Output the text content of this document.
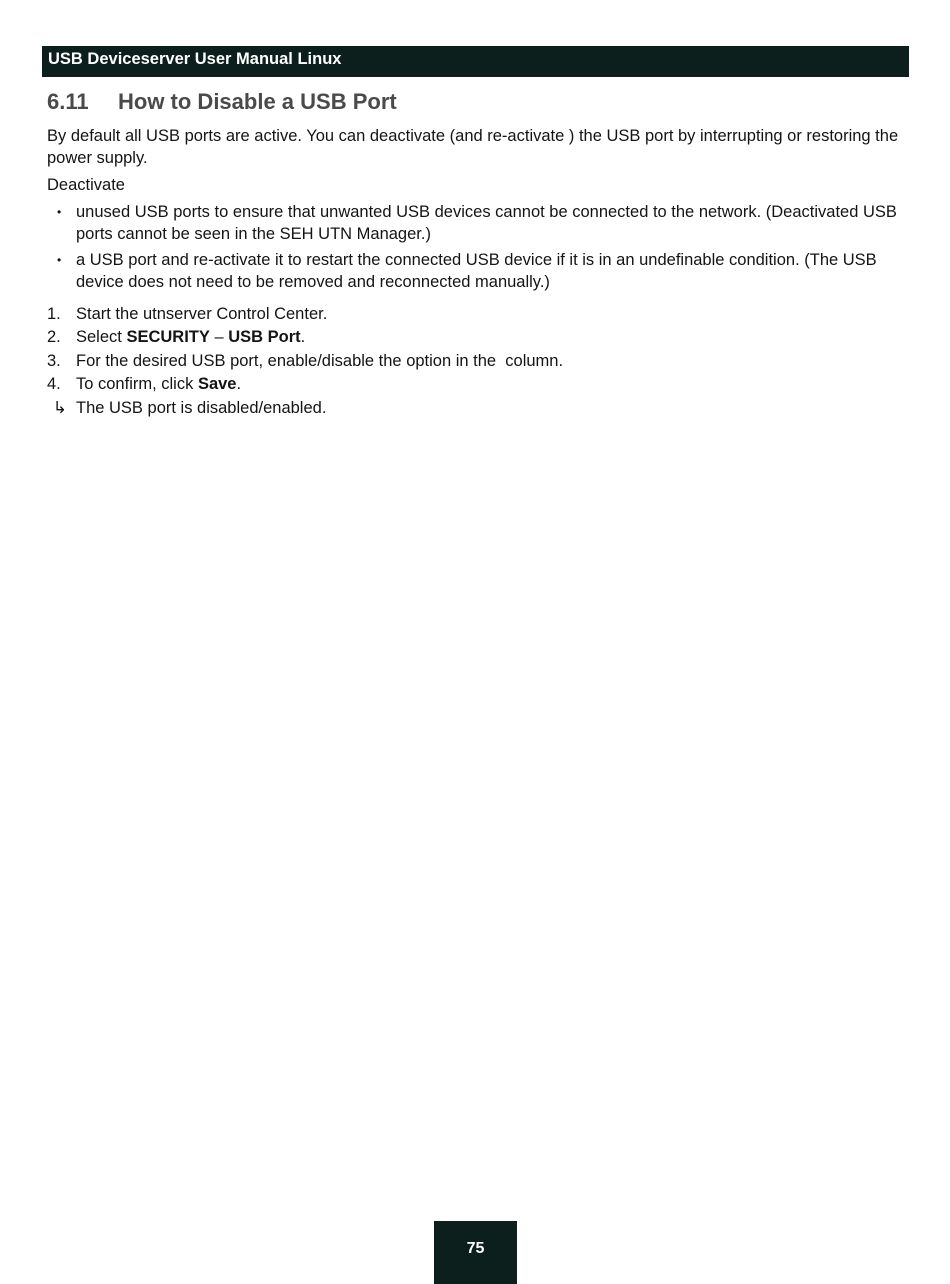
USB Deviceserver User Manual Linux
6.11 How to Disable a USB Port

By default all USB ports are active. You can deactivate (and re-activate ) the USB port by interrupting or restoring the power supply.

Deactivate

• unused USB ports to ensure that unwanted USB devices cannot be connected to the network. (Deactivated USB ports cannot be seen in the SEH UTN Manager.)
• a USB port and re-activate it to restart the connected USB device if it is in an undefinable condition. (The USB device does not need to be removed and reconnected manually.)
1. Start the utnserver Control Center.
2. Select SECURITY – USB Port.
3. For the desired USB port, enable/disable the option in the  column.
4. To confirm, click Save.
↳ The USB port is disabled/enabled.
75
